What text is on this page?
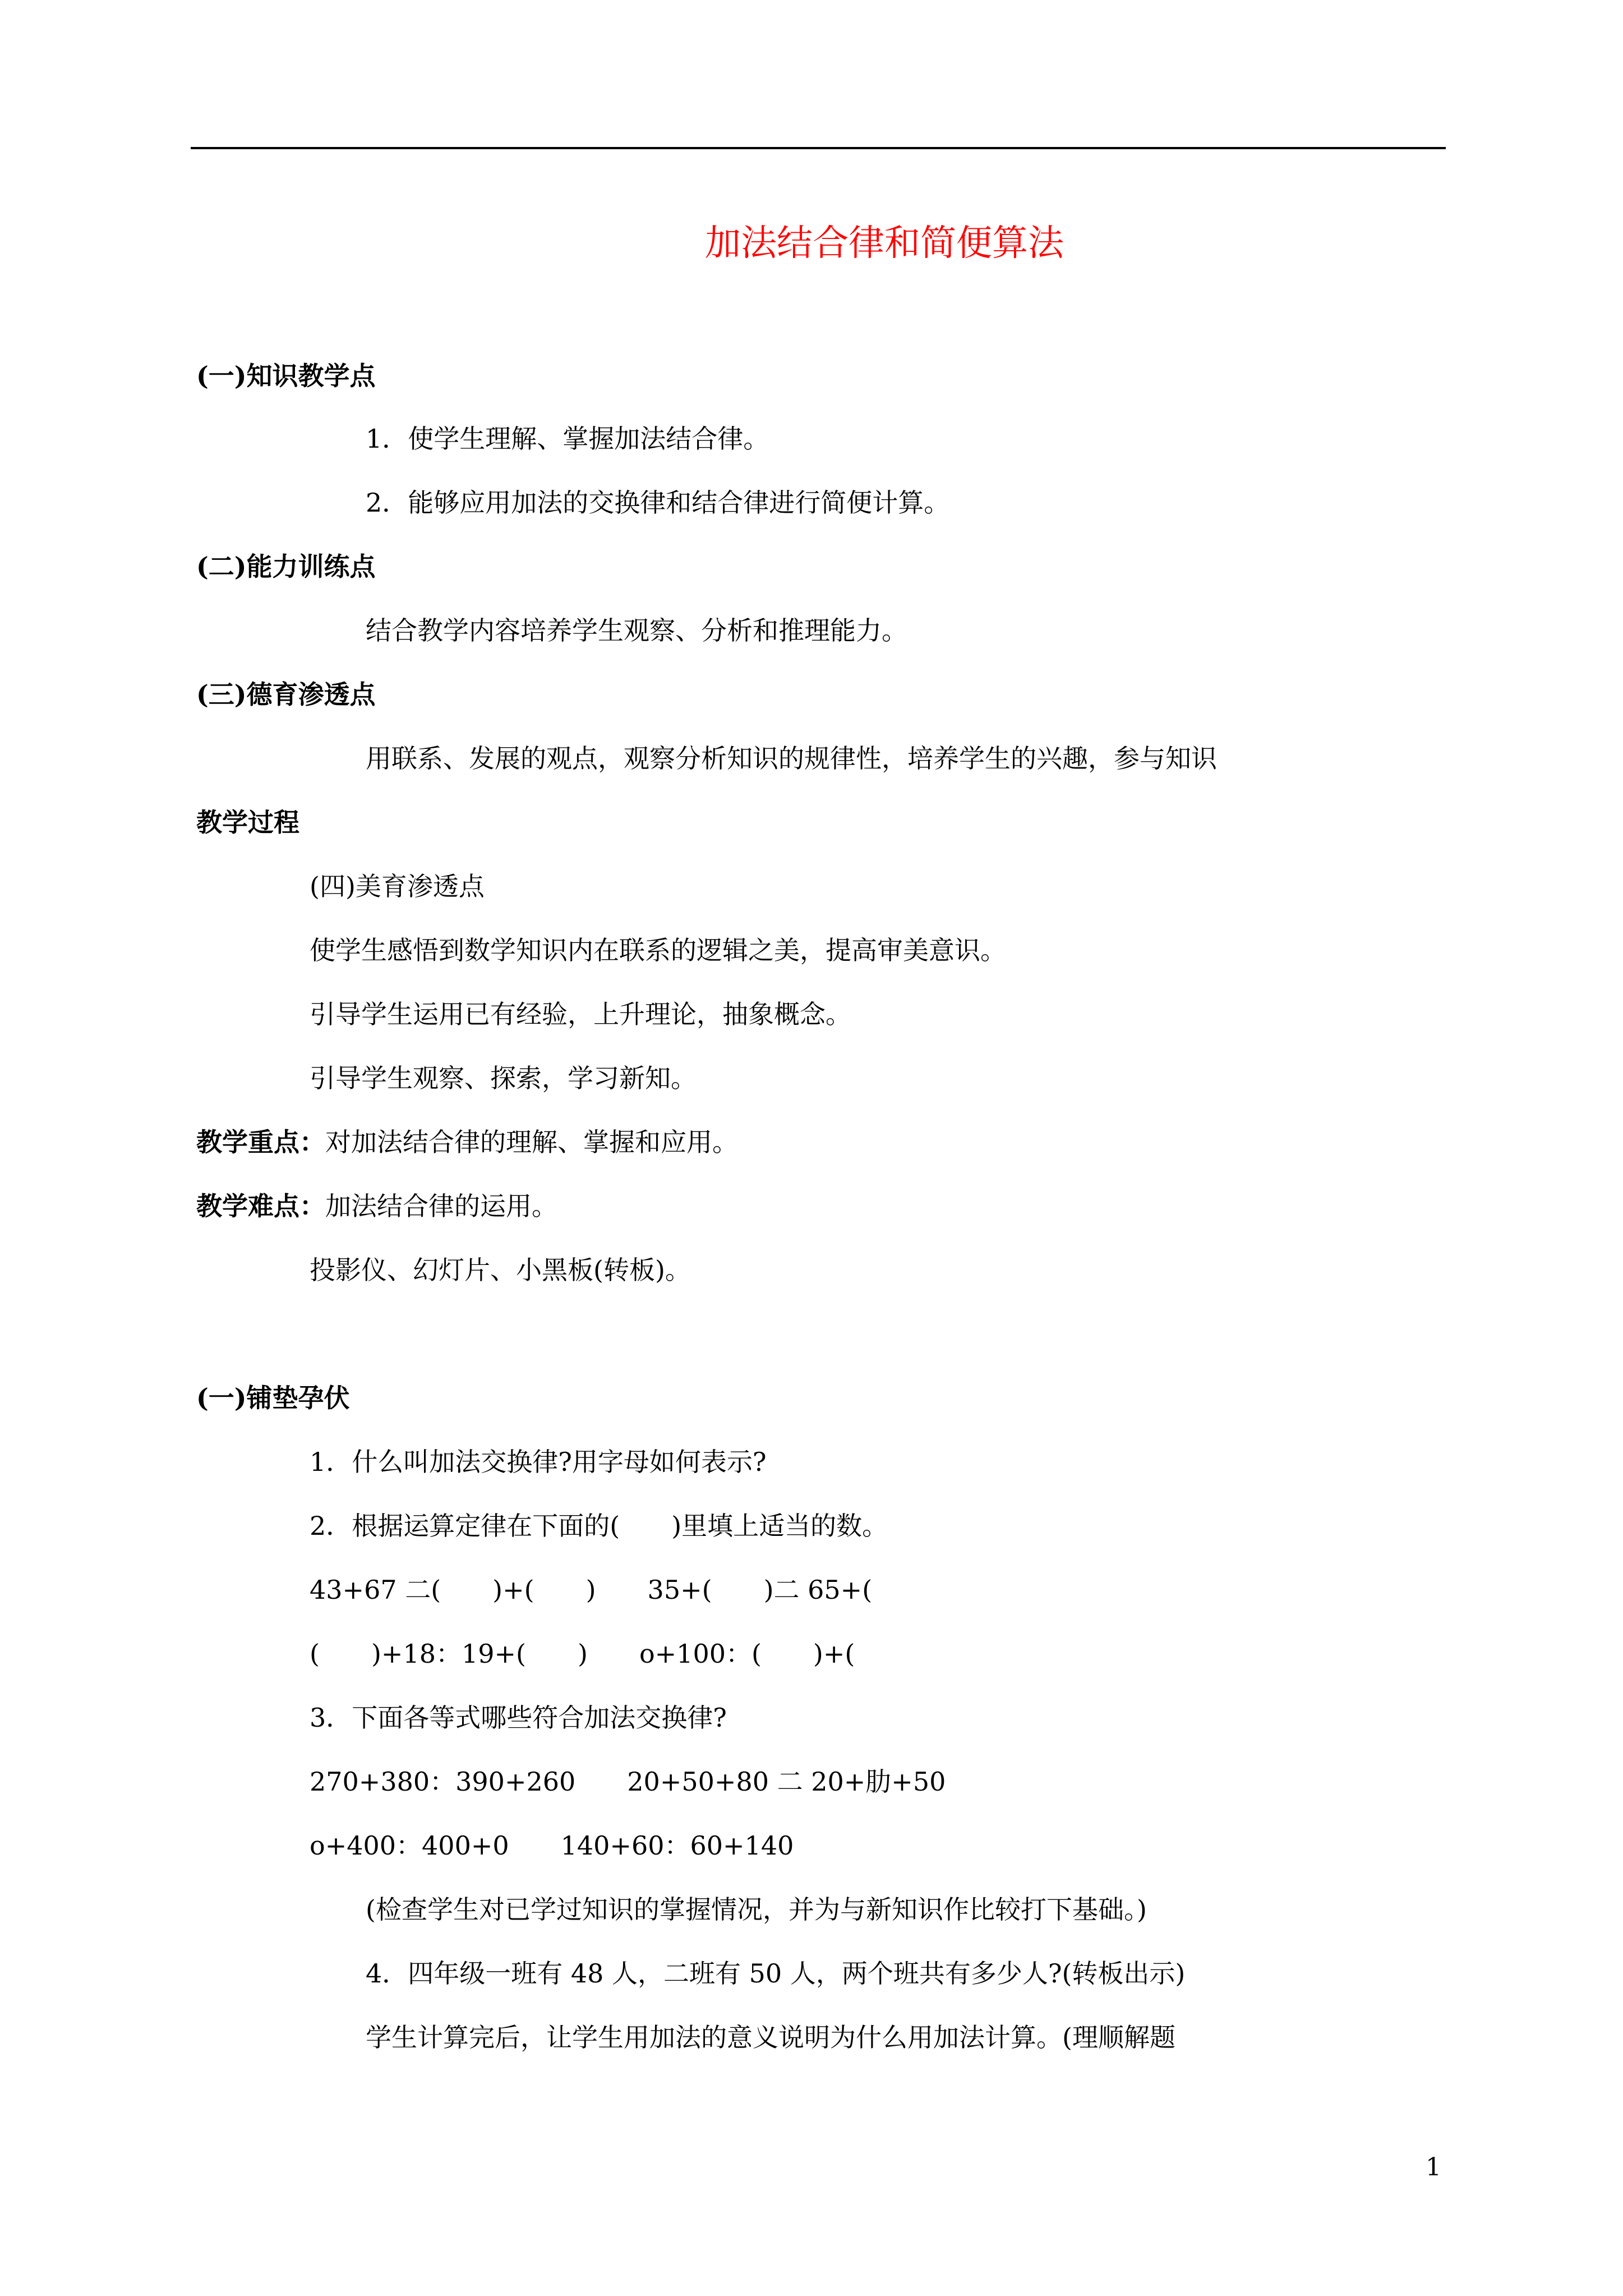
加法结合律和简便算法
(一)知识教学点
1．使学生理解、掌握加法结合律。
2．能够应用加法的交换律和结合律进行简便计算。
(二)能力训练点
结合教学内容培养学生观察、分析和推理能力。
(三)德育渗透点
用联系、发展的观点，观察分析知识的规律性，培养学生的兴趣，参与知识
教学过程
(四)美育渗透点
使学生感悟到数学知识内在联系的逻辑之美，提高审美意识。
引导学生运用已有经验，上升理论，抽象概念。
引导学生观察、探索，学习新知。
教学重点：对加法结合律的理解、掌握和应用。
教学难点：加法结合律的运用。
投影仪、幻灯片、小黑板(转板)。
(一)铺垫孕伏
1．什么叫加法交换律?用字母如何表示?
2．根据运算定律在下面的(　　)里填上适当的数。
43+67 二(　　)+(　　)　　35+(　　)二 65+(
(　　)+18：19+(　　)　　o+100：(　　)+(
3．下面各等式哪些符合加法交换律?
270+380：390+260　　20+50+80 二 20+肋+50
o+400：400+0　　140+60：60+140
(检查学生对已学过知识的掌握情况，并为与新知识作比较打下基础。)
4．四年级一班有 48 人，二班有 50 人，两个班共有多少人?(转板出示)
学生计算完后，让学生用加法的意义说明为什么用加法计算。(理顺解题
1
